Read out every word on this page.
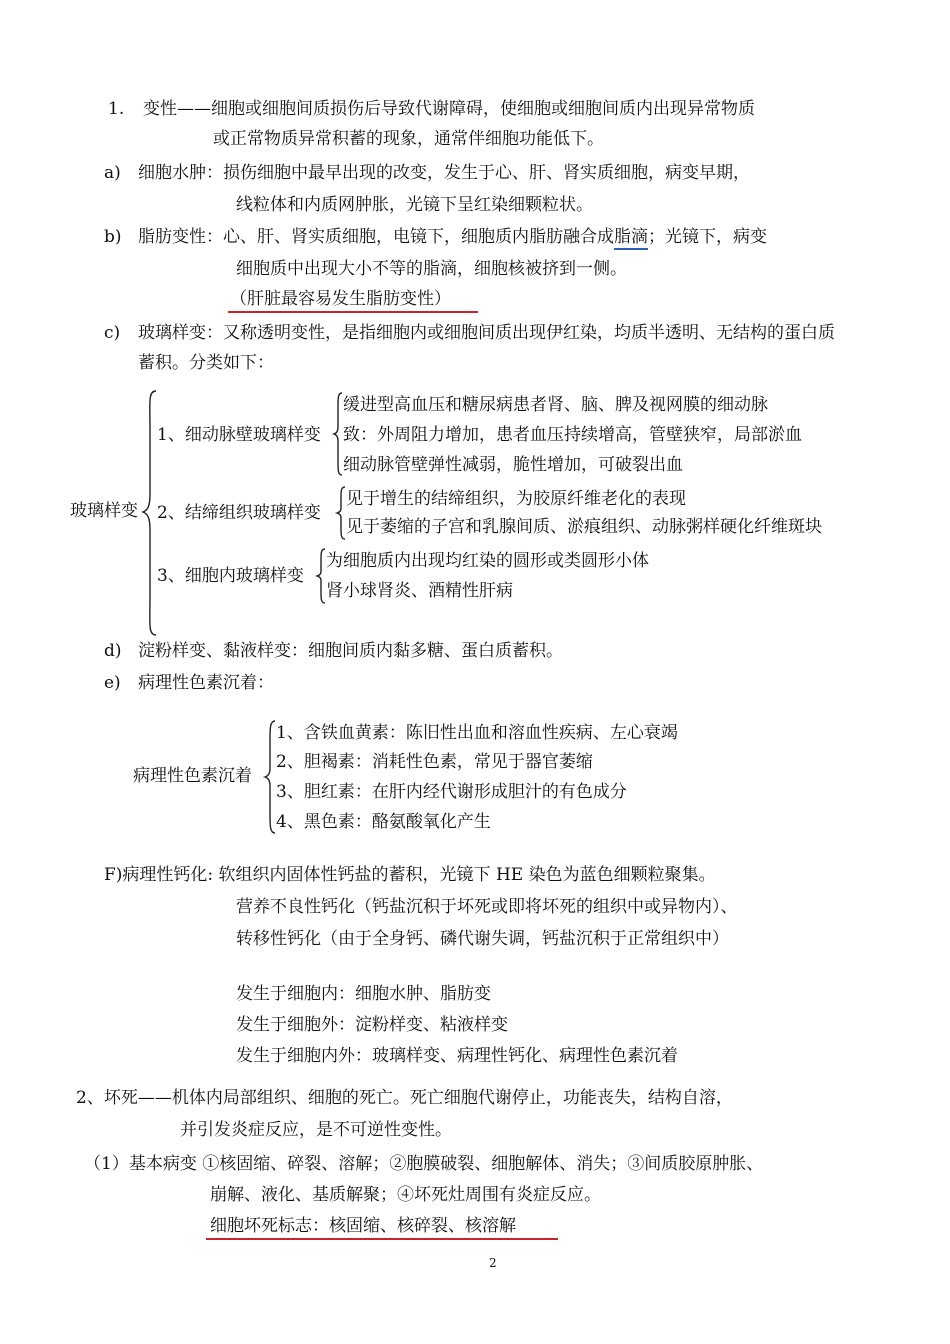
1. 变性——细胞或细胞间质损伤后导致代谢障碍，使细胞或细胞间质内出现异常物质
或正常物质异常积蓄的现象，通常伴细胞功能低下。
a) 细胞水肿：损伤细胞中最早出现的改变，发生于心、肝、肾实质细胞，病变早期，
线粒体和内质网肿胀，光镜下呈红染细颗粒状。
b) 脂肪变性：心、肝、肾实质细胞，电镜下，细胞质内脂肪融合成脂滴；光镜下，病变
细胞质中出现大小不等的脂滴，细胞核被挤到一侧。
（肝脏最容易发生脂肪变性）
c) 玻璃样变：又称透明变性，是指细胞内或细胞间质出现伊红染，均质半透明、无结构的蛋白质
蓄积。分类如下：
玻璃样变
1、细动脉壁玻璃样变
缓进型高血压和糖尿病患者肾、脑、脾及视网膜的细动脉
致：外周阻力增加，患者血压持续增高，管壁狭窄，局部淤血
细动脉管壁弹性减弱，脆性增加，可破裂出血
2、结缔组织玻璃样变
见于增生的结缔组织，为胶原纤维老化的表现
见于萎缩的子宫和乳腺间质、淤痕组织、动脉粥样硬化纤维斑块
3、细胞内玻璃样变
为细胞质内出现均红染的圆形或类圆形小体
肾小球肾炎、酒精性肝病
d) 淀粉样变、黏液样变：细胞间质内黏多糖、蛋白质蓄积。
e) 病理性色素沉着：
病理性色素沉着
1、含铁血黄素：陈旧性出血和溶血性疾病、左心衰竭
2、胆褐素：消耗性色素，常见于器官萎缩
3、胆红素：在肝内经代谢形成胆汁的有色成分
4、黑色素：酪氨酸氧化产生
F)病理性钙化: 软组织内固体性钙盐的蓄积，光镜下 HE 染色为蓝色细颗粒聚集。
营养不良性钙化（钙盐沉积于坏死或即将坏死的组织中或异物内）、
转移性钙化（由于全身钙、磷代谢失调，钙盐沉积于正常组织中）
发生于细胞内：细胞水肿、脂肪变
发生于细胞外：淀粉样变、粘液样变
发生于细胞内外：玻璃样变、病理性钙化、病理性色素沉着
2、坏死——机体内局部组织、细胞的死亡。死亡细胞代谢停止，功能丧失，结构自溶，
并引发炎症反应，是不可逆性变性。
（1）基本病变 ①核固缩、碎裂、溶解；②胞膜破裂、细胞解体、消失；③间质胶原肿胀、
崩解、液化、基质解聚；④坏死灶周围有炎症反应。
细胞坏死标志：核固缩、核碎裂、核溶解
2
